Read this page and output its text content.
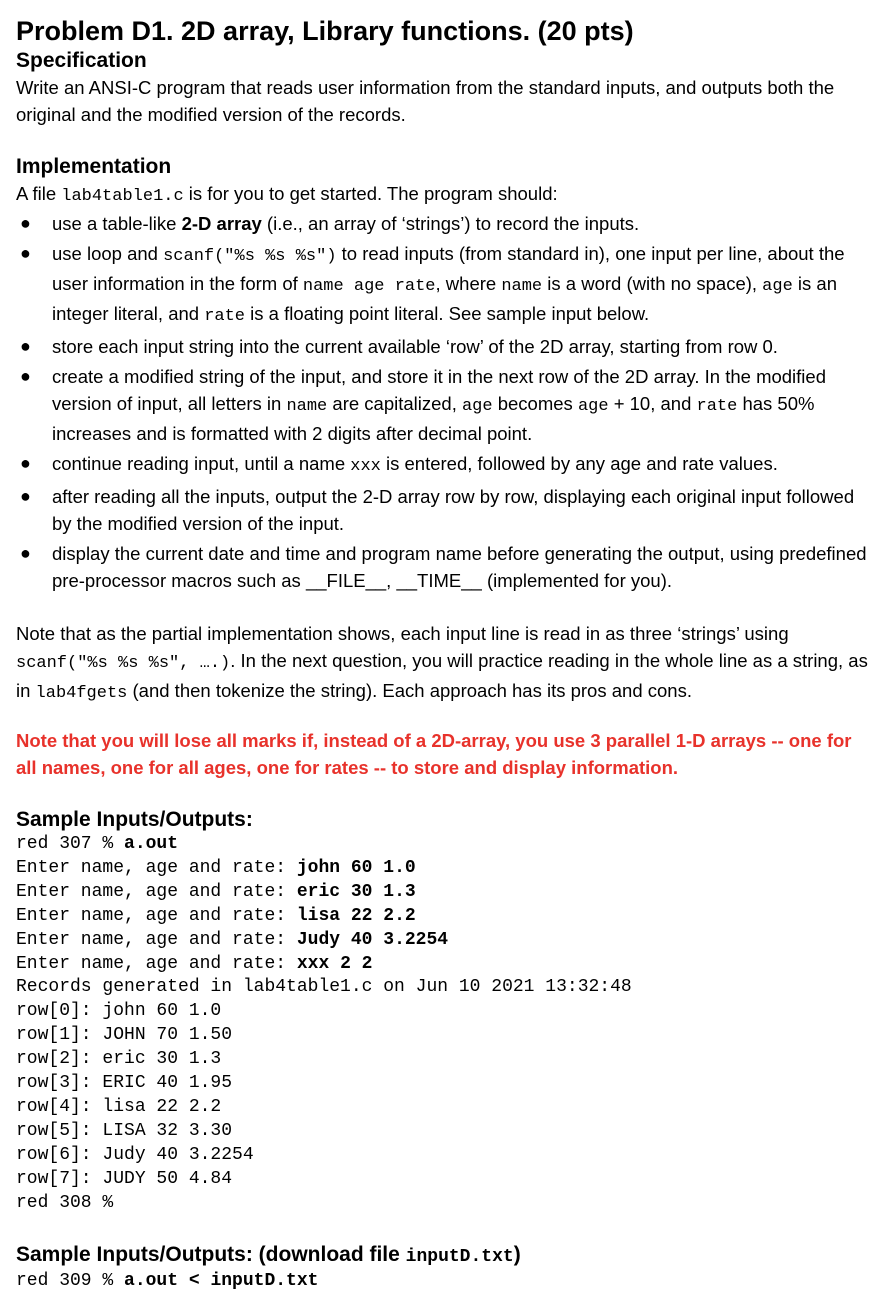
Problem D1. 2D array, Library functions. (20 pts)

Specification

Write an ANSI-C program that reads user information from the standard inputs, and outputs both the original and the modified version of the records.

Implementation

A file lab4table1.c is for you to get started. The program should:

● use a table-like 2-D array (i.e., an array of ‘strings’) to record the inputs.
● use loop and scanf("%s %s %s") to read inputs (from standard in), one input per line, about the user information in the form of name age rate, where name is a word (with no space), age is an integer literal, and rate is a floating point literal. See sample input below.
● store each input string into the current available ‘row’ of the 2D array, starting from row 0.
● create a modified string of the input, and store it in the next row of the 2D array. In the modified version of input, all letters in name are capitalized, age becomes age + 10, and rate has 50% increases and is formatted with 2 digits after decimal point.
● continue reading input, until a name xxx is entered, followed by any age and rate values.
● after reading all the inputs, output the 2-D array row by row, displaying each original input followed by the modified version of the input.
● display the current date and time and program name before generating the output, using predefined pre-processor macros such as __FILE__, __TIME__ (implemented for you).

Note that as the partial implementation shows, each input line is read in as three ‘strings’ using scanf("%s %s %s", ….). In the next question, you will practice reading in the whole line as a string, as in lab4fgets (and then tokenize the string). Each approach has its pros and cons.

Note that you will lose all marks if, instead of a 2D-array, you use 3 parallel 1-D arrays -- one for all names, one for all ages, one for rates -- to store and display information.

Sample Inputs/Outputs:

red 307 % a.out
Enter name, age and rate: john 60 1.0
Enter name, age and rate: eric 30 1.3
Enter name, age and rate: lisa 22 2.2
Enter name, age and rate: Judy 40 3.2254
Enter name, age and rate: xxx 2 2
Records generated in lab4table1.c on Jun 10 2021 13:32:48
row[0]: john 60 1.0
row[1]: JOHN 70 1.50
row[2]: eric 30 1.3
row[3]: ERIC 40 1.95
row[4]: lisa 22 2.2
row[5]: LISA 32 3.30
row[6]: Judy 40 3.2254
row[7]: JUDY 50 4.84
red 308 %

Sample Inputs/Outputs: (download file inputD.txt)

red 309 % a.out < inputD.txt
